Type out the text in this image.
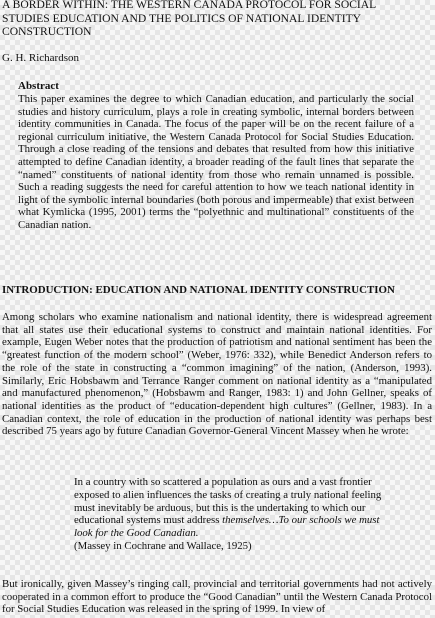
A BORDER WITHIN: THE WESTERN CANADA PROTOCOL FOR SOCIAL STUDIES EDUCATION AND THE POLITICS OF NATIONAL IDENTITY CONSTRUCTION

G. H. Richardson

Abstract

This paper examines the degree to which Canadian education, and particularly the social studies and history curriculum, plays a role in creating symbolic, internal borders between identity communities in Canada. The focus of the paper will be on the recent failure of a regional curriculum initiative, the Western Canada Protocol for Social Studies Education. Through a close reading of the tensions and debates that resulted from how this initiative attempted to define Canadian identity, a broader reading of the fault lines that separate the “named” constituents of national identity from those who remain unnamed is possible. Such a reading suggests the need for careful attention to how we teach national identity in light of the symbolic internal boundaries (both porous and impermeable) that exist between what Kymlicka (1995, 2001) terms the “polyethnic and multinational” constituents of the Canadian nation.

INTRODUCTION: EDUCATION AND NATIONAL IDENTITY CONSTRUCTION

Among scholars who examine nationalism and national identity, there is widespread agreement that all states use their educational systems to construct and maintain national identities. For example, Eugen Weber notes that the production of patriotism and national sentiment has been the “greatest function of the modern school” (Weber, 1976: 332), while Benedict Anderson refers to the role of the state in constructing a “common imagining” of the nation, (Anderson, 1993). Similarly, Eric Hobsbawm and Terrance Ranger comment on national identity as a “manipulated and manufactured phenomenon,” (Hobsbawm and Ranger, 1983: 1) and John Gellner, speaks of national identities as the product of “education-dependent high cultures” (Gellner, 1983). In a Canadian context, the role of education in the production of national identity was perhaps best described 75 years ago by future Canadian Governor-General Vincent Massey when he wrote:

In a country with so scattered a population as ours and a vast frontier exposed to alien influences the tasks of creating a truly national feeling must inevitably be arduous, but this is the undertaking to which our educational systems must address themselves…To our schools we must look for the Good Canadian.
(Massey in Cochrane and Wallace, 1925)

But ironically, given Massey’s ringing call, provincial and territorial governments had not actively cooperated in a common effort to produce the “Good Canadian” until the Western Canada Protocol for Social Studies Education was released in the spring of 1999. In view of
